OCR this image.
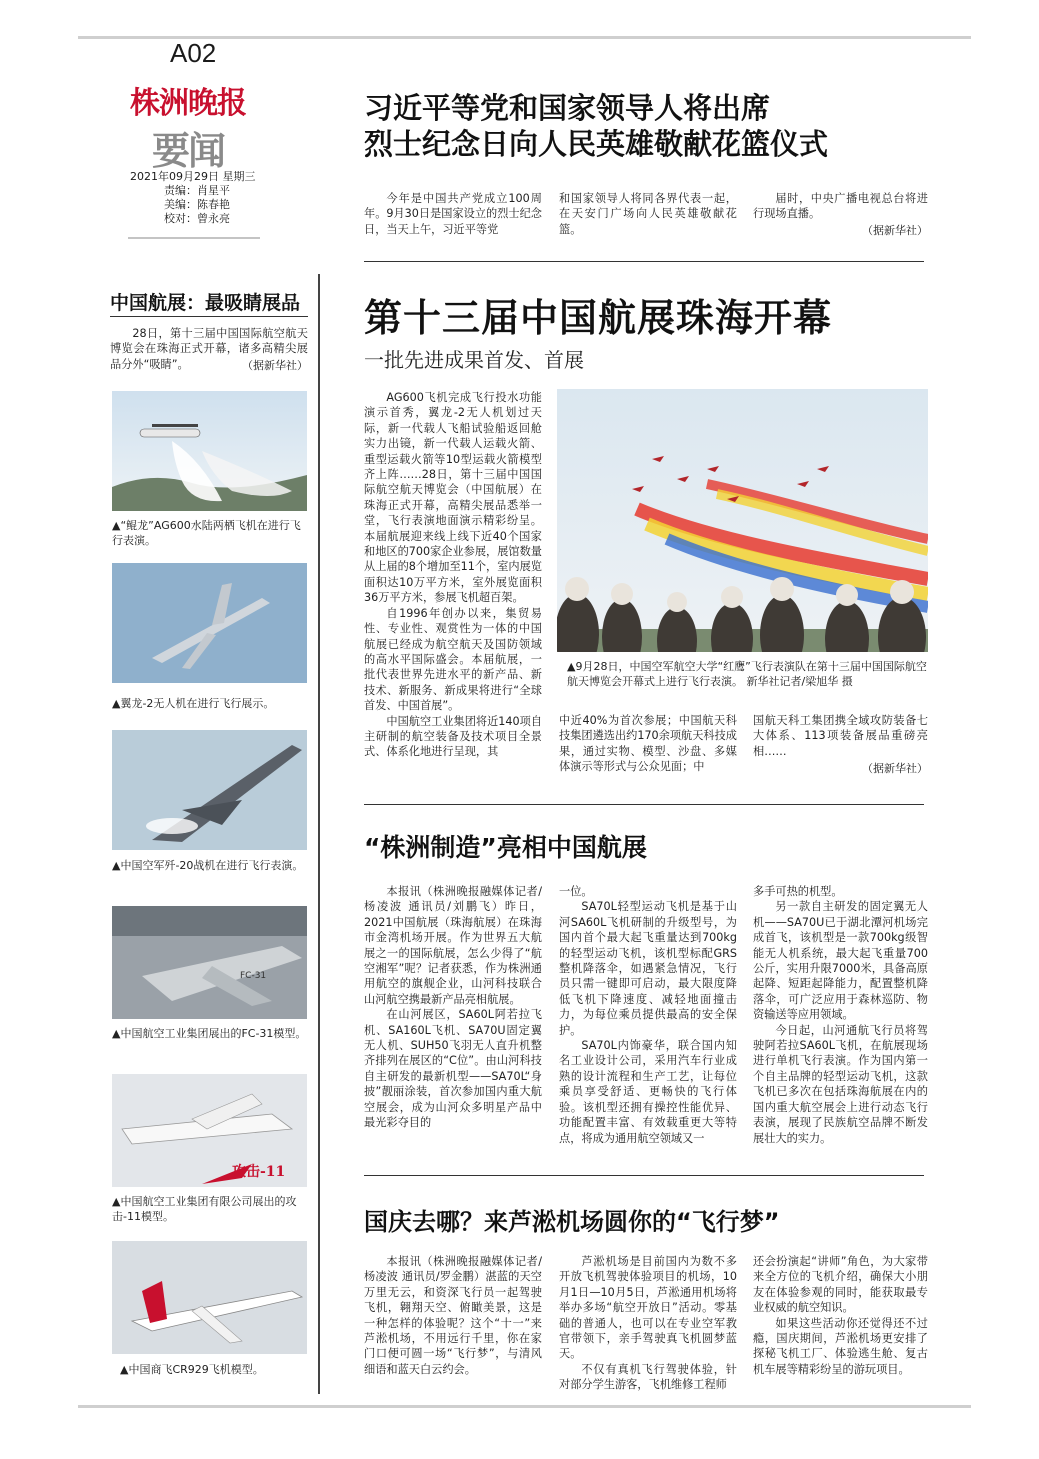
A02
株洲晚报
要闻
2021年09月29日 星期三
责编：肖星平
美编：陈春艳
校对：曾永亮
习近平等党和国家领导人将出席
烈士纪念日向人民英雄敬献花篮仪式

今年是中国共产党成立100周年。9月30日是国家设立的烈士纪念日，当天上午，习近平等党

和国家领导人将同各界代表一起，在天安门广场向人民英雄敬献花篮。

届时，中央广播电视总台将进行现场直播。

（据新华社）
中国航展：最吸睛展品

28日，第十三届中国国际航空航天博览会在珠海正式开幕，诸多高精尖展品分外“吸睛”。	（据新华社）
▲“鲲龙”AG600水陆两栖飞机在进行飞行表演。
▲翼龙-2无人机在进行飞行展示。
▲中国空军歼-20战机在进行飞行表演。
FC-31
▲中国航空工业集团展出的FC-31模型。
攻击-11
▲中国航空工业集团有限公司展出的攻击-11模型。
▲中国商飞CR929飞机模型。
第十三届中国航展珠海开幕
一批先进成果首发、首展

AG600飞机完成飞行投水功能演示首秀，翼龙-2无人机划过天际，新一代载人飞船试验船返回舱实力出镜，新一代载人运载火箭、重型运载火箭等10型运载火箭模型齐上阵……28日，第十三届中国国际航空航天博览会（中国航展）在珠海正式开幕，高精尖展品悉举一堂，飞行表演地面演示精彩纷呈。本届航展迎来线上线下近40个国家和地区的700家企业参展，展馆数量从上届的8个增加至11个，室内展览面积达10万平方米，室外展览面积36万平方米，参展飞机超百架。

自1996年创办以来，集贸易性、专业性、观赏性为一体的中国航展已经成为航空航天及国防领域的高水平国际盛会。本届航展，一批代表世界先进水平的新产品、新技术、新服务、新成果将进行“全球首发、中国首展”。

中国航空工业集团将近140项自主研制的航空装备及技术项目全景式、体系化地进行呈现，其

▲9月28日，中国空军航空大学“红鹰”飞行表演队在第十三届中国国际航空航天博览会开幕式上进行飞行表演。 新华社记者/梁旭华 摄

中近40%为首次参展；中国航天科技集团遴选出约170余项航天科技成果，通过实物、模型、沙盘、多媒体演示等形式与公众见面；中

国航天科工集团携全域攻防装备七大体系、113项装备展品重磅亮相……

（据新华社）
“株洲制造”亮相中国航展

本报讯（株洲晚报融媒体记者/杨凌波 通讯员/刘鹏飞）昨日，2021中国航展（珠海航展）在珠海市金湾机场开展。作为世界五大航展之一的国际航展，怎么少得了“航空湘军”呢？记者获悉，作为株洲通用航空的旗舰企业，山河科技联合山河航空携最新产品亮相航展。

在山河展区，SA60L阿若拉飞机、SA160L飞机、SA70U固定翼无人机、SUH50飞羽无人直升机整齐排列在展区的“C位”。由山河科技自主研发的最新机型——SA70L“身披”靓丽涂装，首次参加国内重大航空展会，成为山河众多明星产品中最光彩夺目的

一位。

SA70L轻型运动飞机是基于山河SA60L飞机研制的升级型号，为国内首个最大起飞重量达到700kg的轻型运动飞机，该机型标配GRS整机降落伞，如遇紧急情况，飞行员只需一键即可启动，最大限度降低飞机下降速度、减轻地面撞击力，为每位乘员提供最高的安全保护。

SA70L内饰豪华，联合国内知名工业设计公司，采用汽车行业成熟的设计流程和生产工艺，让每位乘员享受舒适、更畅快的飞行体验。该机型还拥有操控性能优异、功能配置丰富、有效载重更大等特点，将成为通用航空领域又一

多手可热的机型。

另一款自主研发的固定翼无人机——SA70U已于湖北潭河机场完成首飞，该机型是一款700kg级智能无人机系统，最大起飞重量700公斤，实用升限7000米，具备高原起降、短距起降能力，配置整机降落伞，可广泛应用于森林巡防、物资输送等应用领域。

今日起，山河通航飞行员将驾驶阿若拉SA60L飞机，在航展现场进行单机飞行表演。作为国内第一个自主品牌的轻型运动飞机，这款飞机已多次在包括珠海航展在内的国内重大航空展会上进行动态飞行表演，展现了民族航空品牌不断发展壮大的实力。

国庆去哪？来芦淞机场圆你的“飞行梦”

本报讯（株洲晚报融媒体记者/杨凌波 通讯员/罗金鹏）湛蓝的天空万里无云，和资深飞行员一起驾驶飞机，翱翔天空、俯瞰美景，这是一种怎样的体验呢？这个“十一”来芦淞机场，不用远行千里，你在家门口便可圆一场“飞行梦”，与清风细语和蓝天白云约会。

芦淞机场是目前国内为数不多开放飞机驾驶体验项目的机场，10月1日—10月5日，芦淞通用机场将举办多场“航空开放日”活动。零基础的普通人，也可以在专业空军教官带领下，亲手驾驶真飞机圆梦蓝天。

不仅有真机飞行驾驶体验，针对部分学生游客，飞机维修工程师

还会扮演起“讲师”角色，为大家带来全方位的飞机介绍，确保大小朋友在体验参观的同时，能获取最专业权威的航空知识。

如果这些活动你还觉得还不过瘾，国庆期间，芦淞机场更安排了探秘飞机工厂、体验逃生舱、复古机车展等精彩纷呈的游玩项目。
